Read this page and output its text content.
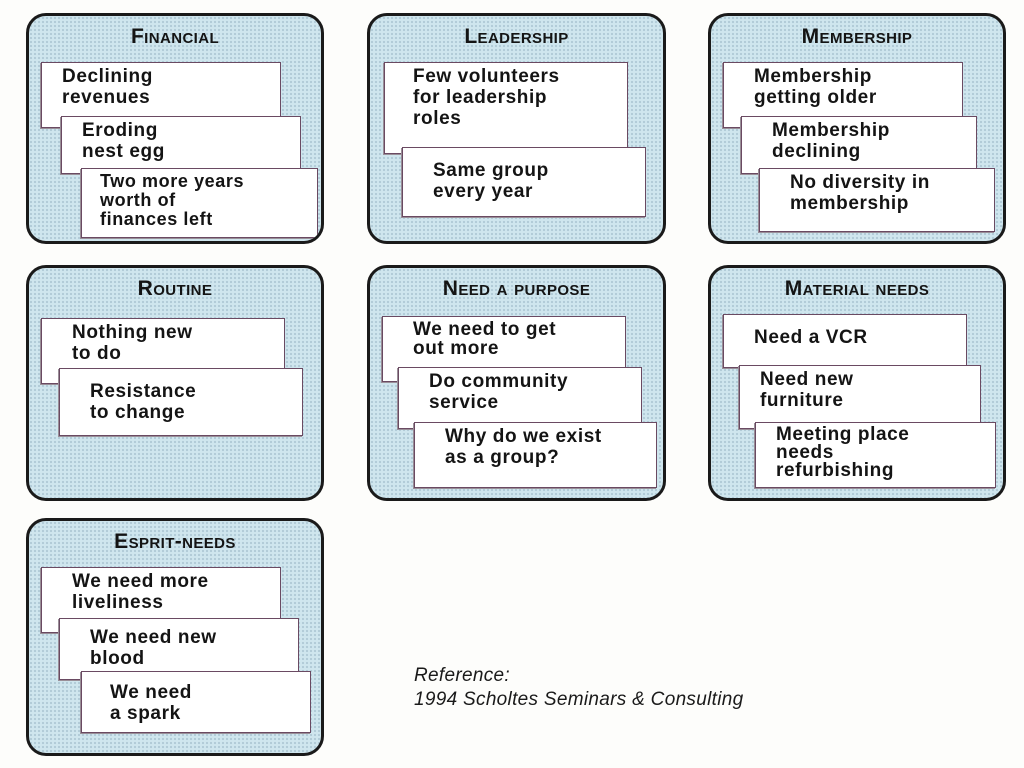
Financial
Declining
revenues
Eroding
nest egg
Two more years
worth of
finances left
Leadership
Few volunteers
for leadership
roles
Same group
every year
Membership
Membership
getting older
Membership
declining
No diversity in
membership
Routine
Nothing new
to do
Resistance
to change
Need a purpose
We need to get
out more
Do community
service
Why do we exist
as a group?
Material needs
Need a VCR
Need new
furniture
Meeting place
needs
refurbishing
Esprit-needs
We need more
liveliness
We need new
blood
We need
a spark
Reference:
1994 Scholtes Seminars & Consulting
